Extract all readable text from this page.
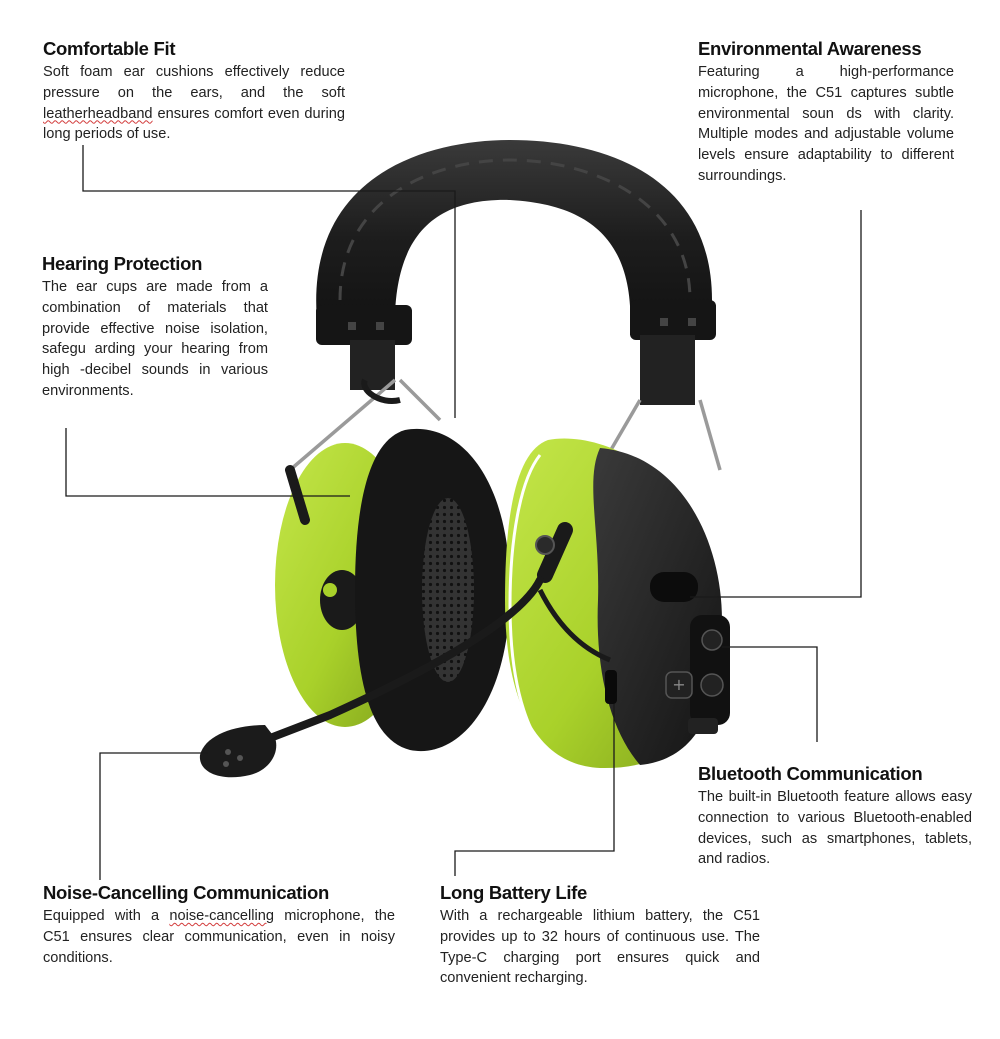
+
Comfortable Fit

Soft foam ear cushions effectively reduce pressure on the ears, and the soft leatherheadband ensures comfort even during long periods of use.

Environmental Awareness

Featuring a high-performance microphone, the C51 captures subtle environmental soun ds with clarity. Multiple modes and adjustable volume levels ensure adaptability to different surroundings.

Hearing Protection

The ear cups are made from a combination of materials that provide effective noise isolation, safegu arding your hearing from high -decibel sounds in various environments.

Bluetooth Communication

The built-in Bluetooth feature allows easy connection to various Bluetooth-enabled devices, such as smartphones, tablets, and radios.

Noise-Cancelling Communication

Equipped with a noise-cancelling microphone, the C51 ensures clear communication, even in noisy conditions.

Long Battery Life

With a rechargeable lithium battery, the C51 provides up to 32 hours of continuous use. The Type-C charging port ensures quick and convenient recharging.
